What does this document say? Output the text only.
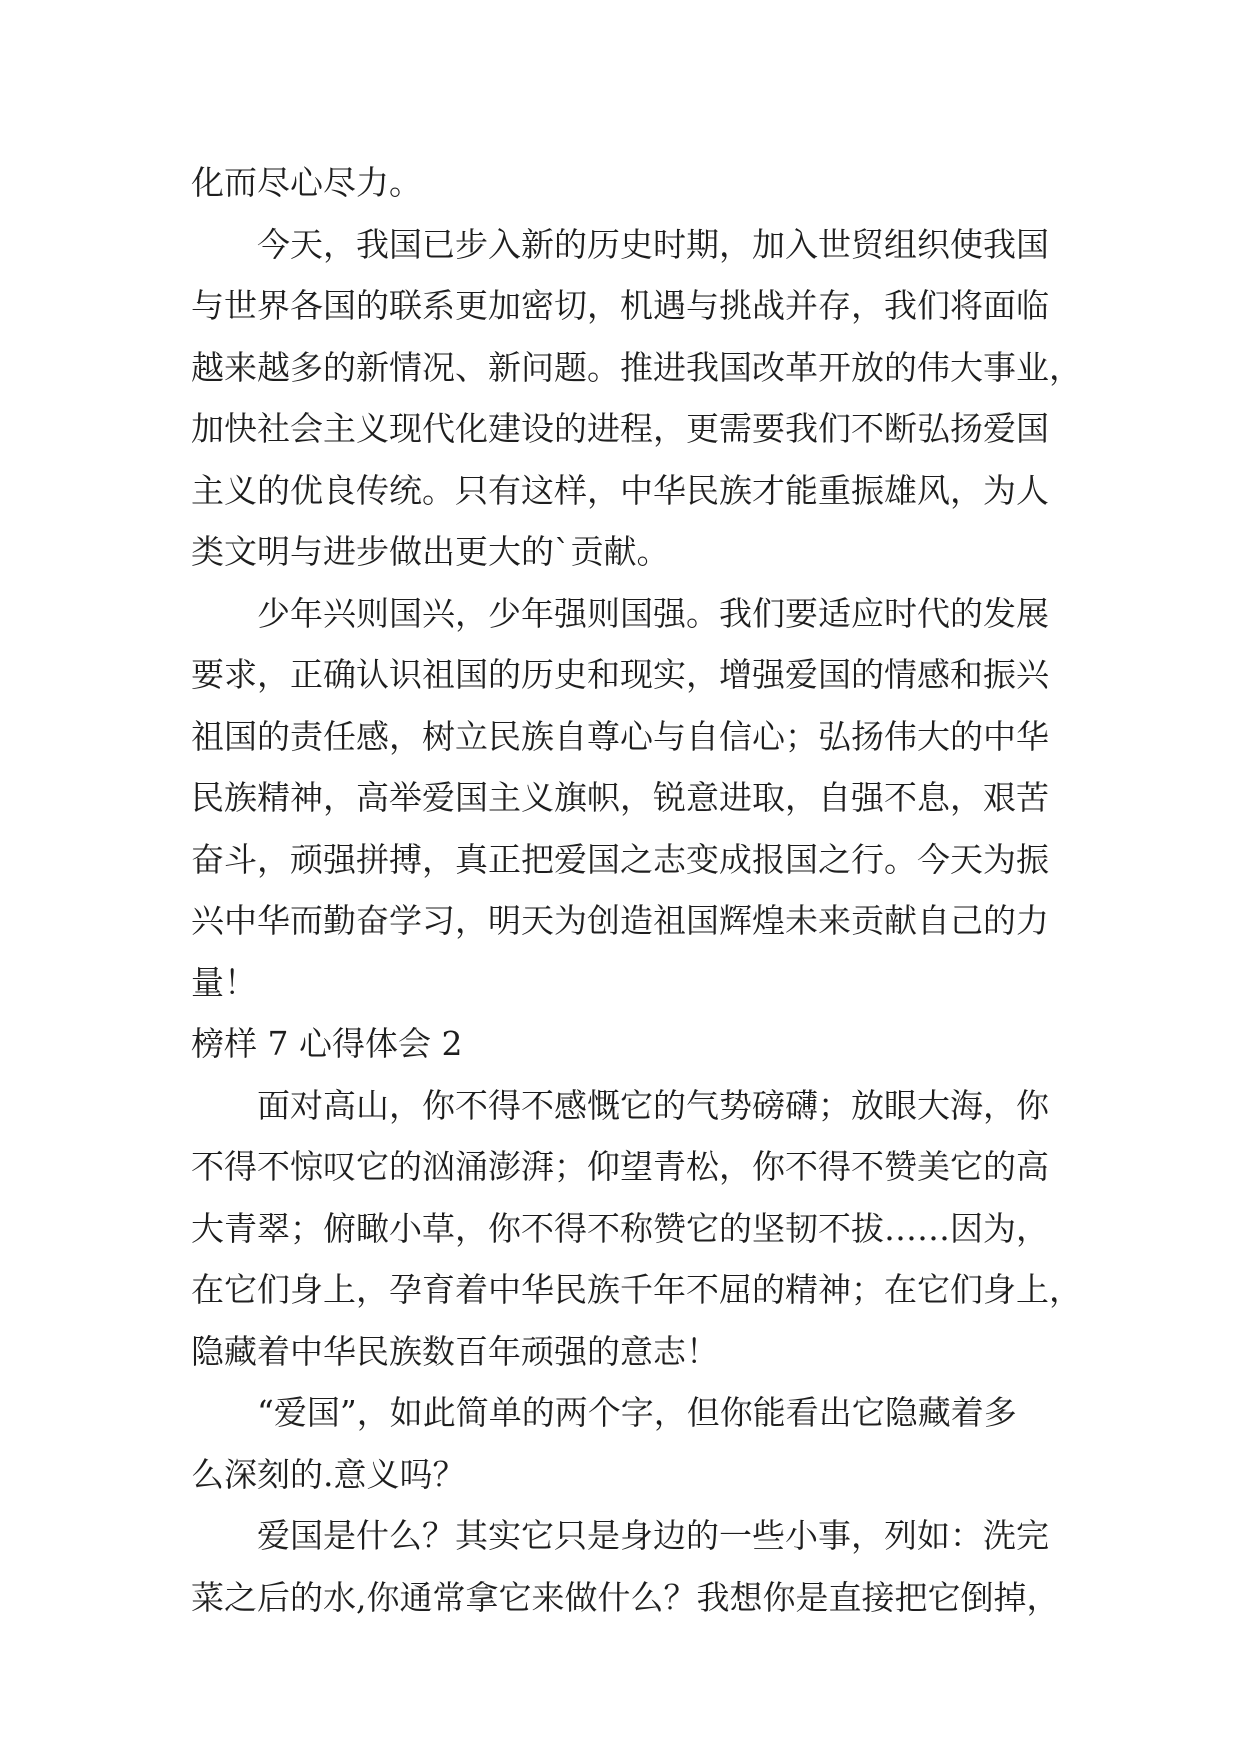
化而尽心尽力。
今天，我国已步入新的历史时期，加入世贸组织使我国
与世界各国的联系更加密切，机遇与挑战并存，我们将面临
越来越多的新情况、新问题。推进我国改革开放的伟大事业，
加快社会主义现代化建设的进程，更需要我们不断弘扬爱国
主义的优良传统。只有这样，中华民族才能重振雄风，为人
类文明与进步做出更大的`贡献。
少年兴则国兴，少年强则国强。我们要适应时代的发展
要求，正确认识祖国的历史和现实，增强爱国的情感和振兴
祖国的责任感，树立民族自尊心与自信心；弘扬伟大的中华
民族精神，高举爱国主义旗帜，锐意进取，自强不息，艰苦
奋斗，顽强拼搏，真正把爱国之志变成报国之行。今天为振
兴中华而勤奋学习，明天为创造祖国辉煌未来贡献自己的力
量！
榜样 7 心得体会 2
面对高山，你不得不感慨它的气势磅礴；放眼大海，你
不得不惊叹它的汹涌澎湃；仰望青松，你不得不赞美它的高
大青翠；俯瞰小草，你不得不称赞它的坚韧不拔……因为，
在它们身上，孕育着中华民族千年不屈的精神；在它们身上，
隐藏着中华民族数百年顽强的意志！
“爱国”，如此简单的两个字，但你能看出它隐藏着多
么深刻的.意义吗？
爱国是什么？其实它只是身边的一些小事，列如：洗完
菜之后的水,你通常拿它来做什么？我想你是直接把它倒掉，
